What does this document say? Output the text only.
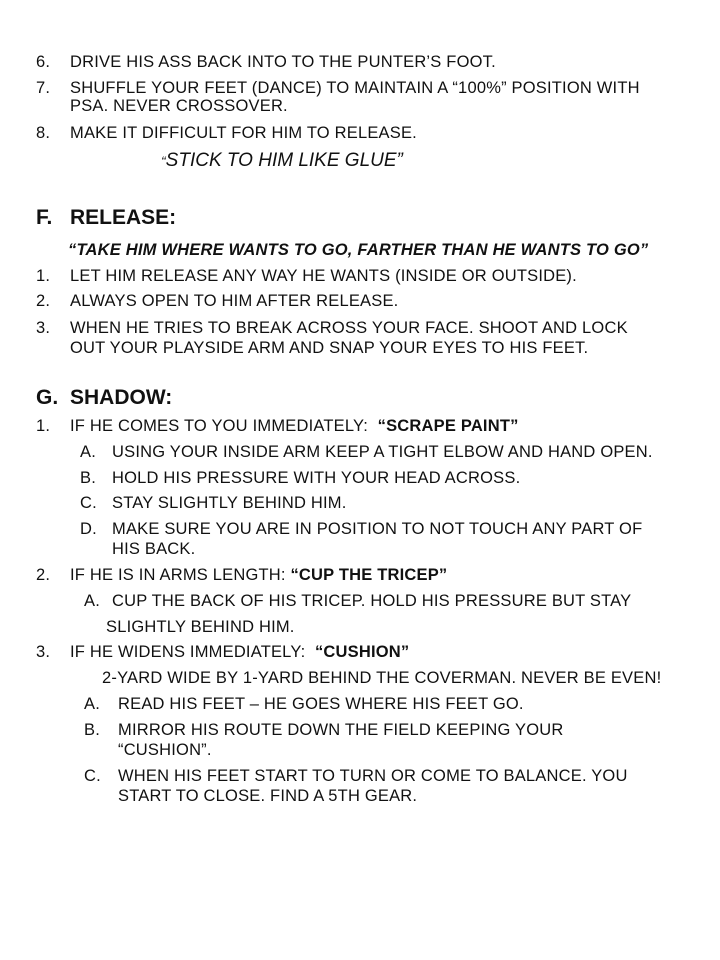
6.	DRIVE HIS ASS BACK INTO TO THE PUNTER’S FOOT.
7.	SHUFFLE YOUR FEET (DANCE) TO MAINTAIN A “100%” POSITION WITH
PSA. NEVER CROSSOVER.
8.	MAKE IT DIFFICULT FOR HIM TO RELEASE.
“STICK TO HIM LIKE GLUE”
F. RELEASE:
“TAKE HIM WHERE WANTS TO GO, FARTHER THAN HE WANTS TO GO”
1.	LET HIM RELEASE ANY WAY HE WANTS (INSIDE OR OUTSIDE).
2.	ALWAYS OPEN TO HIM AFTER RELEASE.
3.	WHEN HE TRIES TO BREAK ACROSS YOUR FACE. SHOOT AND LOCK
OUT YOUR PLAYSIDE ARM AND SNAP YOUR EYES TO HIS FEET.
G. SHADOW:
1.	IF HE COMES TO YOU IMMEDIATELY:  “SCRAPE PAINT”
A. USING YOUR INSIDE ARM KEEP A TIGHT ELBOW AND HAND OPEN.
B. HOLD HIS PRESSURE WITH YOUR HEAD ACROSS.
C. STAY SLIGHTLY BEHIND HIM.
D. MAKE SURE YOU ARE IN POSITION TO NOT TOUCH ANY PART OF
HIS BACK.
2.	IF HE IS IN ARMS LENGTH: “CUP THE TRICEP”
A. CUP THE BACK OF HIS TRICEP. HOLD HIS PRESSURE BUT STAY
SLIGHTLY BEHIND HIM.
3.	IF HE WIDENS IMMEDIATELY:  “CUSHION”
2-YARD WIDE BY 1-YARD BEHIND THE COVERMAN. NEVER BE EVEN!
A. READ HIS FEET – HE GOES WHERE HIS FEET GO.
B. MIRROR HIS ROUTE DOWN THE FIELD KEEPING YOUR
“CUSHION”.
C. WHEN HIS FEET START TO TURN OR COME TO BALANCE. YOU
START TO CLOSE. FIND A 5TH GEAR.
